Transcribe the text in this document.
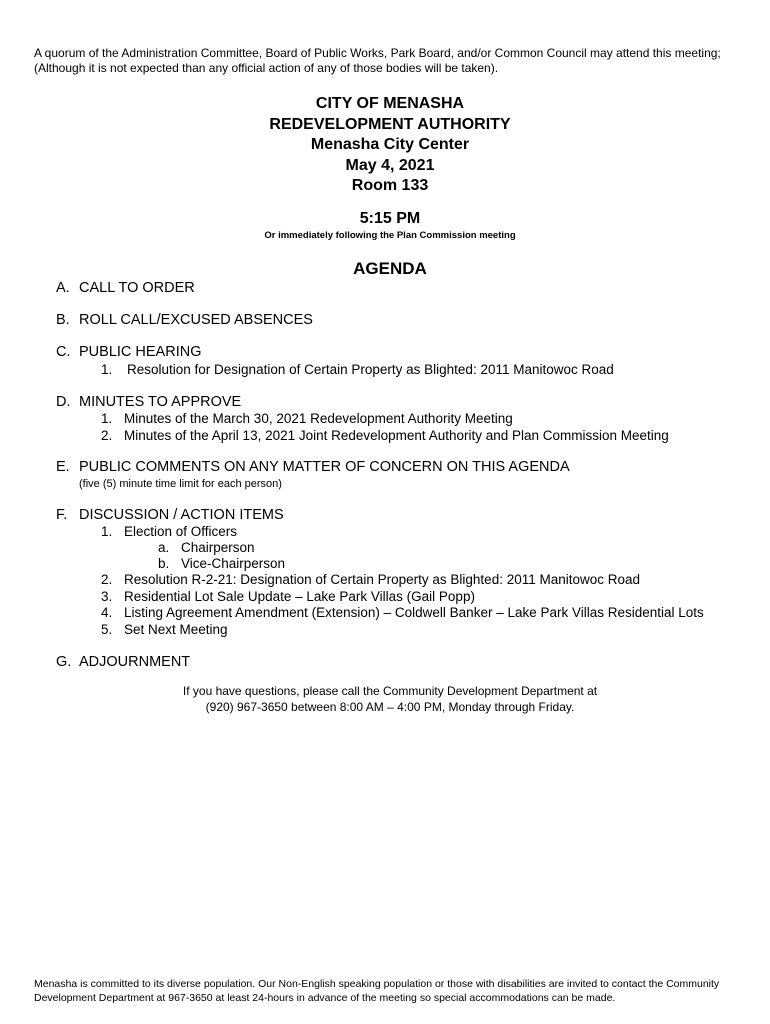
A quorum of the Administration Committee, Board of Public Works, Park Board, and/or Common Council may attend this meeting; (Although it is not expected than any official action of any of those bodies will be taken).

CITY OF MENASHA
REDEVELOPMENT AUTHORITY
Menasha City Center
May 4, 2021
Room 133
5:15 PM
Or immediately following the Plan Commission meeting
AGENDA
A. CALL TO ORDER
B. ROLL CALL/EXCUSED ABSENCES
C. PUBLIC HEARING
1. Resolution for Designation of Certain Property as Blighted: 2011 Manitowoc Road
D. MINUTES TO APPROVE
1. Minutes of the March 30, 2021 Redevelopment Authority Meeting
2. Minutes of the April 13, 2021 Joint Redevelopment Authority and Plan Commission Meeting
E. PUBLIC COMMENTS ON ANY MATTER OF CONCERN ON THIS AGENDA
(five (5) minute time limit for each person)
F. DISCUSSION / ACTION ITEMS
1. Election of Officers
a. Chairperson
b. Vice-Chairperson
2. Resolution R-2-21: Designation of Certain Property as Blighted: 2011 Manitowoc Road
3. Residential Lot Sale Update – Lake Park Villas (Gail Popp)
4. Listing Agreement Amendment (Extension) – Coldwell Banker – Lake Park Villas Residential Lots
5. Set Next Meeting
G. ADJOURNMENT
If you have questions, please call the Community Development Department at
(920) 967-3650 between 8:00 AM – 4:00 PM, Monday through Friday.
Menasha is committed to its diverse population. Our Non-English speaking population or those with disabilities are invited to contact the Community Development Department at 967-3650 at least 24-hours in advance of the meeting so special accommodations can be made.
